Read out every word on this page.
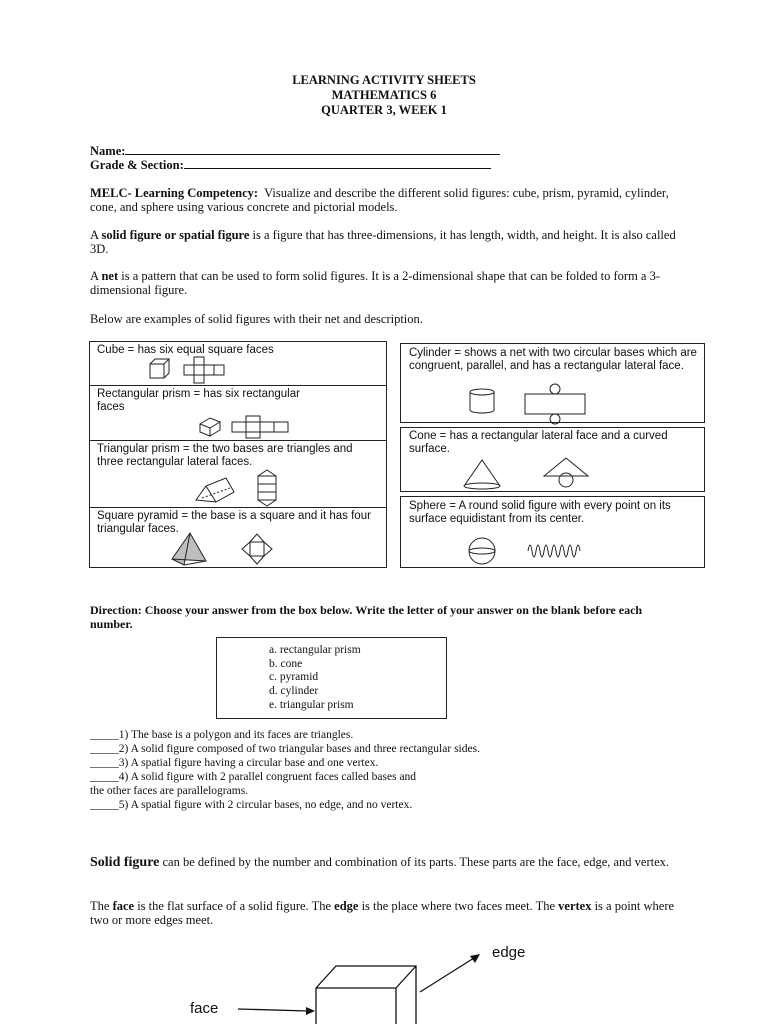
LEARNING ACTIVITY SHEETS
MATHEMATICS 6
QUARTER 3, WEEK 1
Name:
Grade & Section:
MELC- Learning Competency: Visualize and describe the different solid figures: cube, prism, pyramid, cylinder, cone, and sphere using various concrete and pictorial models.
A solid figure or spatial figure is a figure that has three-dimensions, it has length, width, and height. It is also called 3D.
A net is a pattern that can be used to form solid figures. It is a 2-dimensional shape that can be folded to form a 3-dimensional figure.
Below are examples of solid figures with their net and description.
Cube = has six equal square faces
Rectangular prism = has six rectangular faces
Triangular prism = the two bases are triangles and three rectangular lateral faces.
Square pyramid = the base is a square and it has four triangular faces.
Cylinder = shows a net with two circular bases which are congruent, parallel, and has a rectangular lateral face.
Cone = has a rectangular lateral face and a curved surface.
Sphere = A round solid figure with every point on its surface equidistant from its center.
Direction: Choose your answer from the box below. Write the letter of your answer on the blank before each number.
a. rectangular prism
b. cone
c. pyramid
d. cylinder
e. triangular prism
_____1) The base is a polygon and its faces are triangles.
_____2) A solid figure composed of two triangular bases and three rectangular sides.
_____3) A spatial figure having a circular base and one vertex.
_____4) A solid figure with 2 parallel congruent faces called bases and
the other faces are parallelograms.
_____5) A spatial figure with 2 circular bases, no edge, and no vertex.
Solid figure can be defined by the number and combination of its parts. These parts are the face, edge, and vertex.
The face is the flat surface of a solid figure. The edge is the place where two faces meet. The vertex is a point where two or more edges meet.
edge
face
